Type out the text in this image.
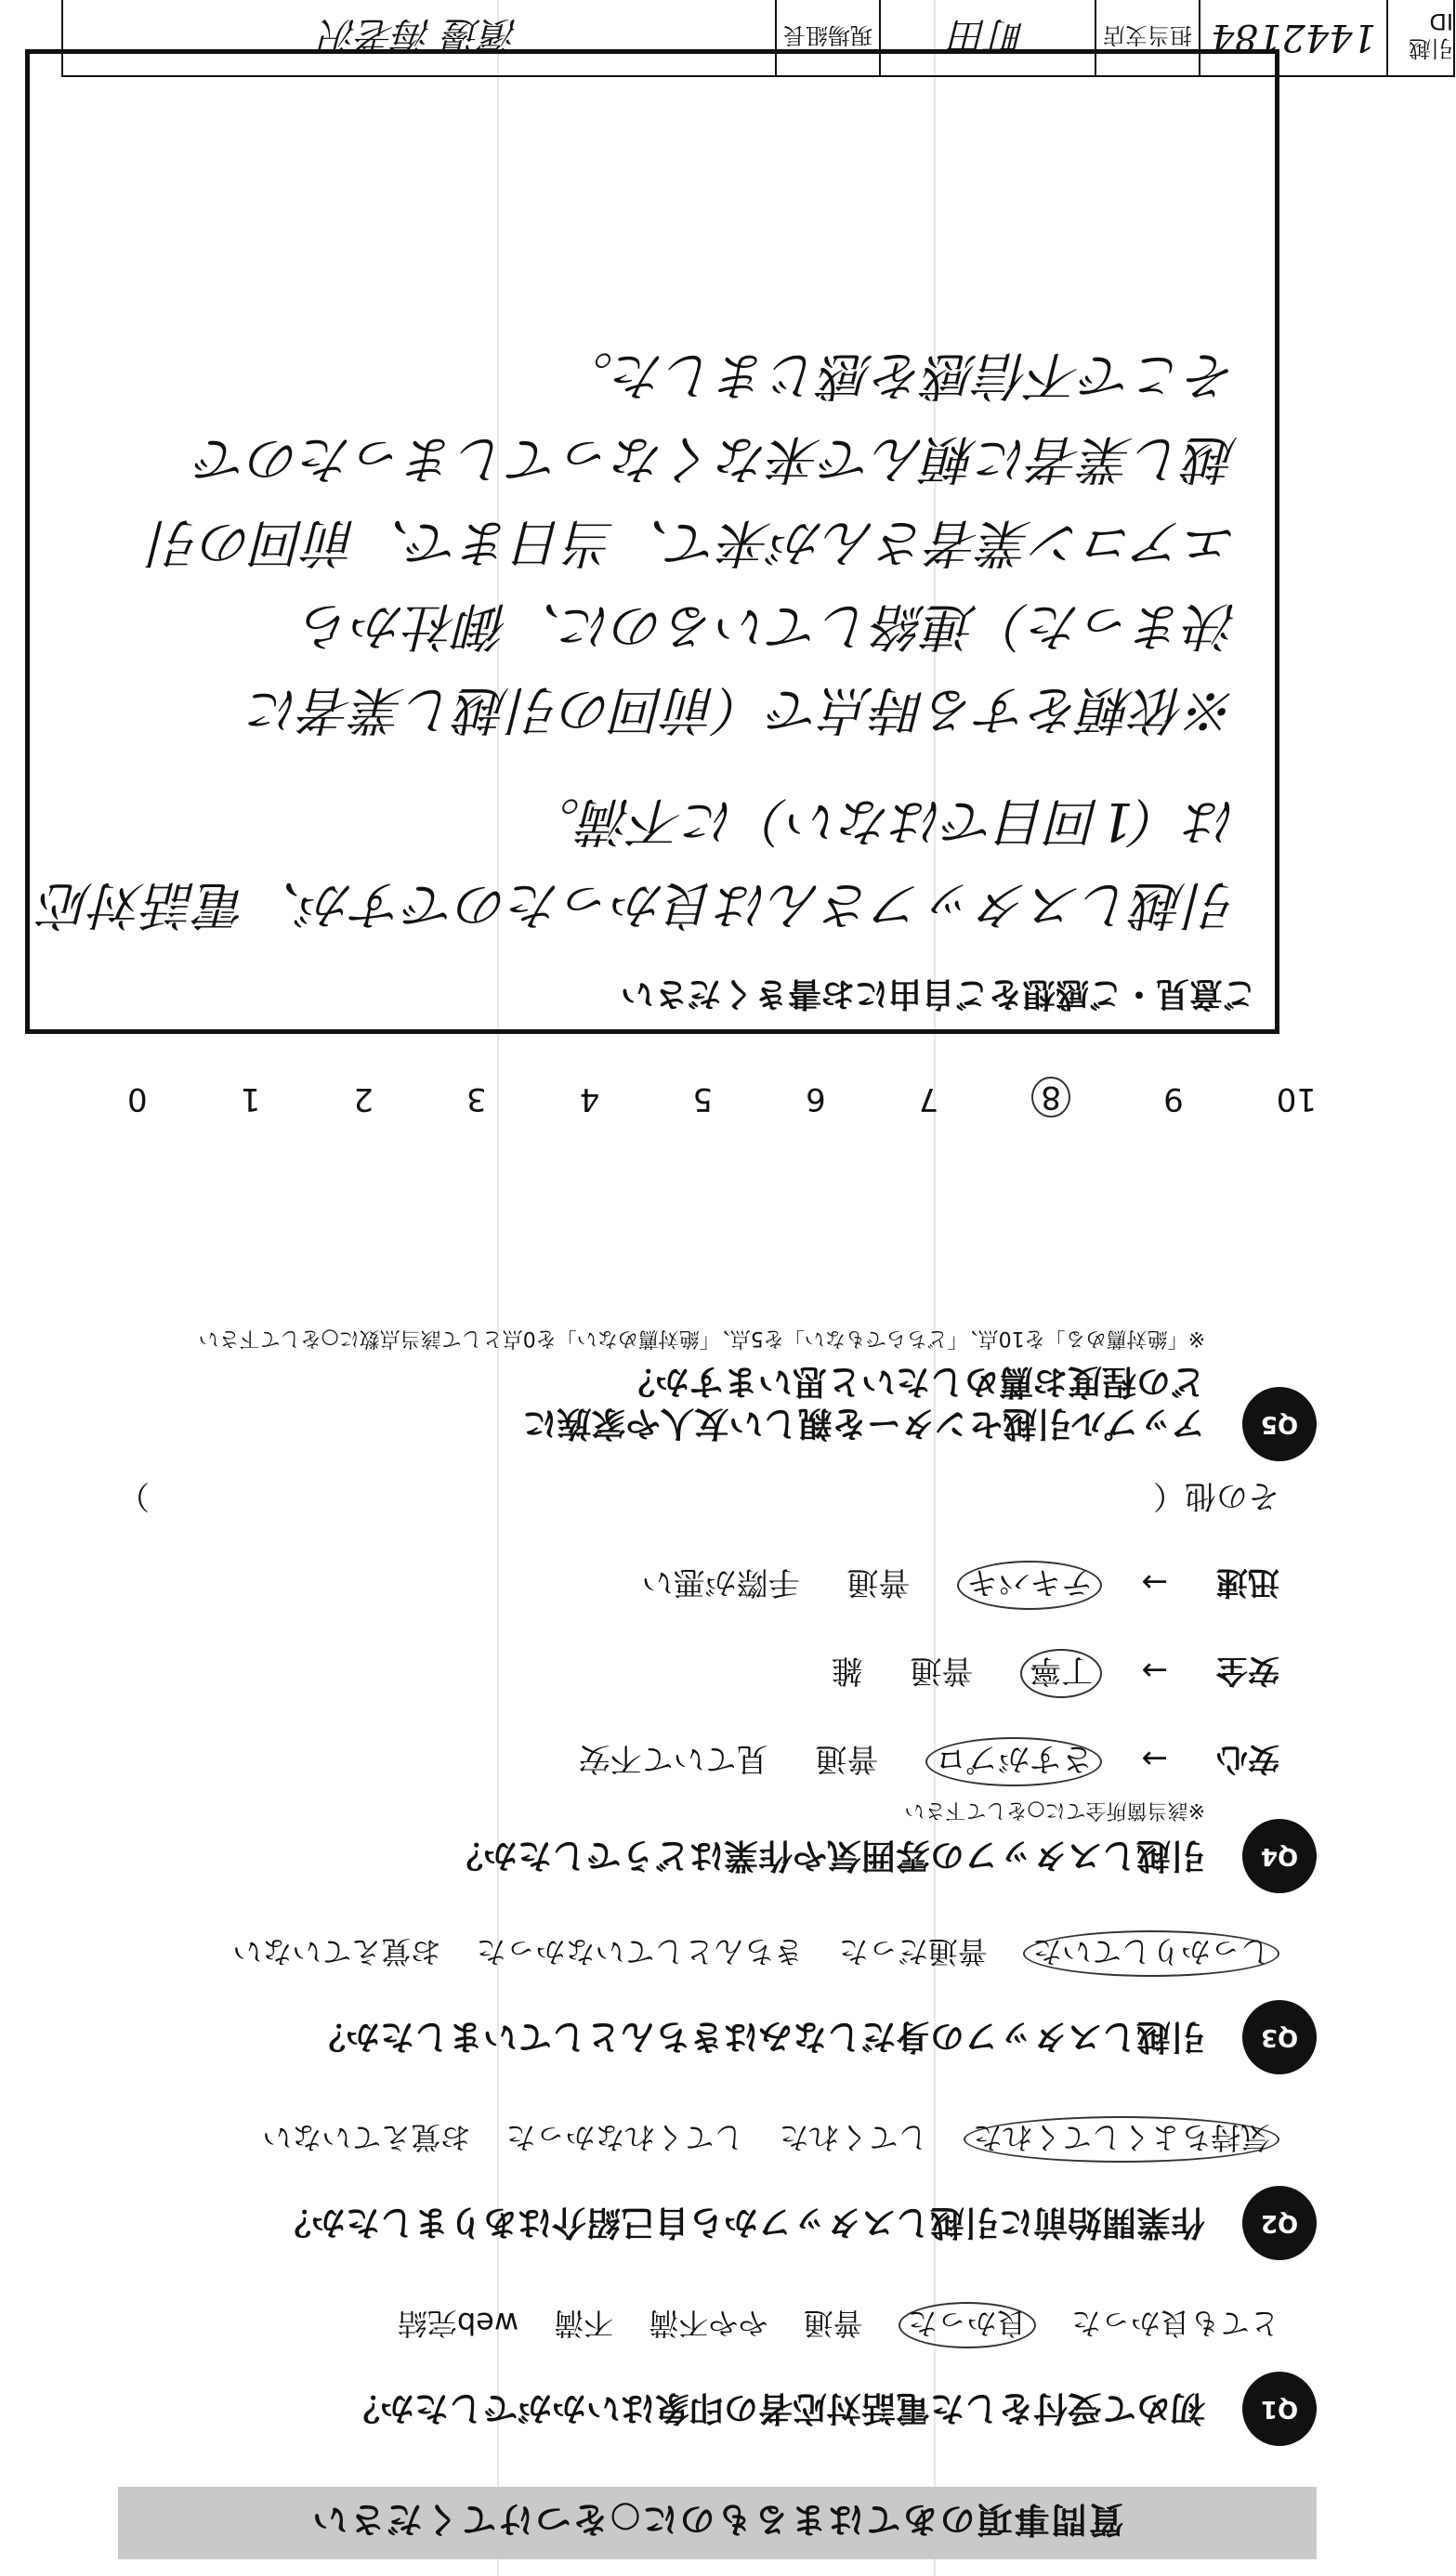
質問事項のあてはまるものに○をつけてください
Q1
初めて受付をした電話対応者の印象はいかがでしたか？
とても良かった 良かった 普通 やや不満 不満 web完結
Q2
作業開始前に引越しスタッフから自己紹介はありましたか？
気持ちよくしてくれた してくれた してくれなかった お覚えていない
Q3
引越しスタッフの身だしなみはきちんとしていましたか？
しっかりしていた 普通だった きちんとしていなかった お覚えていない
Q4
引越しスタッフの雰囲気や作業はどうでしたか？
※該当箇所全てに○をして下さい
安心→ さすがプロ 普通 見ていて不安
安全→ 丁寧 普通 雑
迅速→ テキパキ 普通 手際が悪い
その他（
）
Q5
アップル引越センターを親しい友人や家族に
どの程度お薦めしたいと思いますか？
※「絶対薦める」を10点、「どちらでもない」を5点、「絶対薦めない」を0点として該当点数に○をして下さい
10
9
8
7
6
5
4
3
2
1
0
ご意見・ご感想をご自由にお書きください
引越しスタッフさんは良かったのですが、電話対応
は（1回目ではない）に不満。
※依頼をする時点で（前回の引越し業者に
決まった）連絡しているのに、御社から
エアコン業者さんが来て、当日まで、前回の引
越し業者に頼んで来なくなってしまったので
そこで不信感を感じました。
引越ID
1442184
担当支店
町田
現場組長
濱邊 海老沢
